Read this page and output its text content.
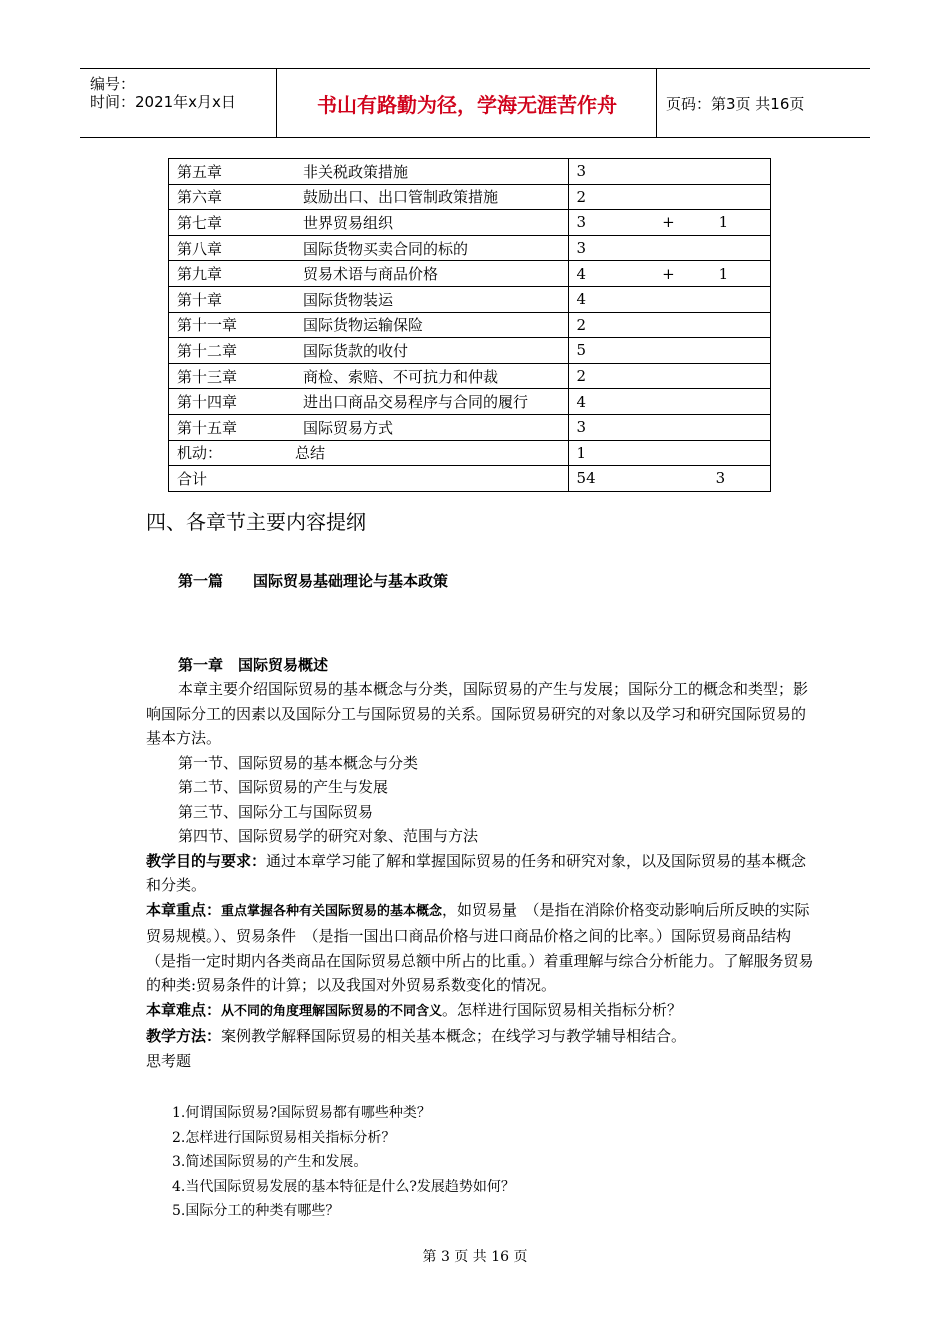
编号：
时间：2021年x月x日	书山有路勤为径，学海无涯苦作舟	页码：第3页 共16页
第五章 非关税政策措施	3
第六章 鼓励出口、出口管制政策措施	2
第七章 世界贸易组织	3 + 1
第八章 国际货物买卖合同的标的	3
第九章 贸易术语与商品价格	4 + 1
第十章 国际货物装运	4
第十一章 国际货物运输保险	2
第十二章 国际货款的收付	5
第十三章 商检、索赔、不可抗力和仲裁	2
第十四章 进出口商品交易程序与合同的履行	4
第十五章 国际贸易方式	3
机动： 总结	1
合计	54 3
四、各章节主要内容提纲
第一篇　　国际贸易基础理论与基本政策
第一章　国际贸易概述

本章主要介绍国际贸易的基本概念与分类，国际贸易的产生与发展；国际分工的概念和类型；影响国际分工的因素以及国际分工与国际贸易的关系。国际贸易研究的对象以及学习和研究国际贸易的基本方法。

第一节、国际贸易的基本概念与分类

第二节、国际贸易的产生与发展

第三节、国际分工与国际贸易

第四节、国际贸易学的研究对象、范围与方法

教学目的与要求：通过本章学习能了解和掌握国际贸易的任务和研究对象，以及国际贸易的基本概念和分类。

本章重点：重点掌握各种有关国际贸易的基本概念，如贸易量　（是指在消除价格变动影响后所反映的实际贸易规模。）、贸易条件　（是指一国出口商品价格与进口商品价格之间的比率。）国际贸易商品结构（是指一定时期内各类商品在国际贸易总额中所占的比重。）着重理解与综合分析能力。了解服务贸易的种类:贸易条件的计算；以及我国对外贸易系数变化的情况。

本章难点：从不同的角度理解国际贸易的不同含义。怎样进行国际贸易相关指标分析？

教学方法：案例教学解释国际贸易的相关基本概念；在线学习与教学辅导相结合。

思考题

1.何谓国际贸易?国际贸易都有哪些种类？
2.怎样进行国际贸易相关指标分析？
3.简述国际贸易的产生和发展。
4.当代国际贸易发展的基本特征是什么?发展趋势如何？
5.国际分工的种类有哪些？
第 3 页 共 16 页
